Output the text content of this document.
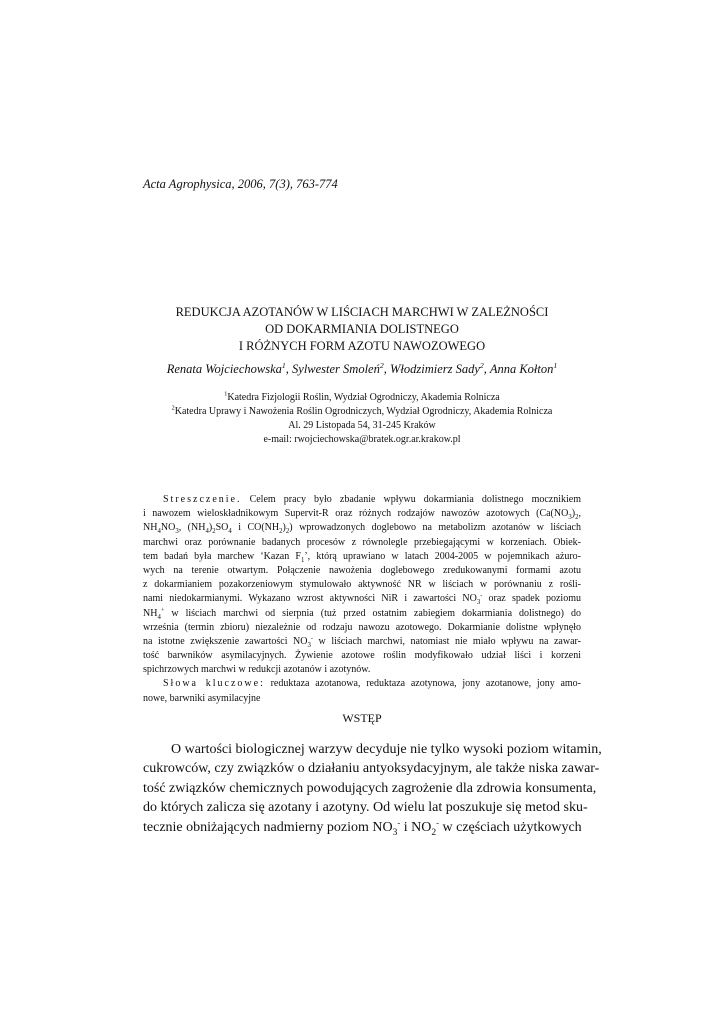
Acta Agrophysica, 2006, 7(3), 763-774
REDUKCJA AZOTANÓW W LIŚCIACH MARCHWI W ZALEŻNOŚCI
OD DOKARMIANIA DOLISTNEGO
I RÓŻNYCH FORM AZOTU NAWOZOWEGO
Renata Wojciechowska$^1$, Sylwester Smoleń$^2$, Włodzimierz Sady$^2$, Anna Kołton$^1$
$^1$Katedra Fizjologii Roślin, Wydział Ogrodniczy, Akademia Rolnicza
$^2$Katedra Uprawy i Nawożenia Roślin Ogrodniczych, Wydział Ogrodniczy, Akademia Rolnicza
Al. 29 Listopada 54, 31-245 Kraków
e-mail: rwojciechowska@bratek.ogr.ar.krakow.pl
Streszczenie. Celem pracy było zbadanie wpływu dokarmiania dolistnego mocznikiem
i nawozem wieloskładnikowym Supervit-R oraz różnych rodzajów nawozów azotowych ($Ca(NO_3)_2$,
$NH_4NO_3$, $(NH_4)_2SO_4$ i $CO(NH_2)_2$) wprowadzonych doglebowo na metabolizm azotanów w liściach
marchwi oraz porównanie badanych procesów z równolegle przebiegającymi w korzeniach. Obiek-
tem badań była marchew ‘Kazan $F_1$’, którą uprawiano w latach 2004-2005 w pojemnikach ażuro-
wych na terenie otwartym. Połączenie nawożenia doglebowego zredukowanymi formami azotu
z dokarmianiem pozakorzeniowym stymulowało aktywność NR w liściach w porównaniu z rośli-
nami niedokarmianymi. Wykazano wzrost aktywności NiR i zawartości $NO_3^-$ oraz spadek poziomu
$NH_4^+$ w liściach marchwi od sierpnia (tuż przed ostatnim zabiegiem dokarmiania dolistnego) do
września (termin zbioru) niezależnie od rodzaju nawozu azotowego. Dokarmianie dolistne wpłynęło
na istotne zwiększenie zawartości $NO_3^-$ w liściach marchwi, natomiast nie miało wpływu na zawar-
tość barwników asymilacyjnych. Żywienie azotowe roślin modyfikowało udział liści i korzeni
spichrzowych marchwi w redukcji azotanów i azotynów.
Słowa kluczowe: reduktaza azotanowa, reduktaza azotynowa, jony azotanowe, jony amo-
nowe, barwniki asymilacyjne
WSTĘP
O wartości biologicznej warzyw decyduje nie tylko wysoki poziom witamin,
cukrowców, czy związków o działaniu antyoksydacyjnym, ale także niska zawar-
tość związków chemicznych powodujących zagrożenie dla zdrowia konsumenta,
do których zalicza się azotany i azotyny. Od wielu lat poszukuje się metod sku-
tecznie obniżających nadmierny poziom $NO_3^-$ i $NO_2^-$ w częściach użytkowych
